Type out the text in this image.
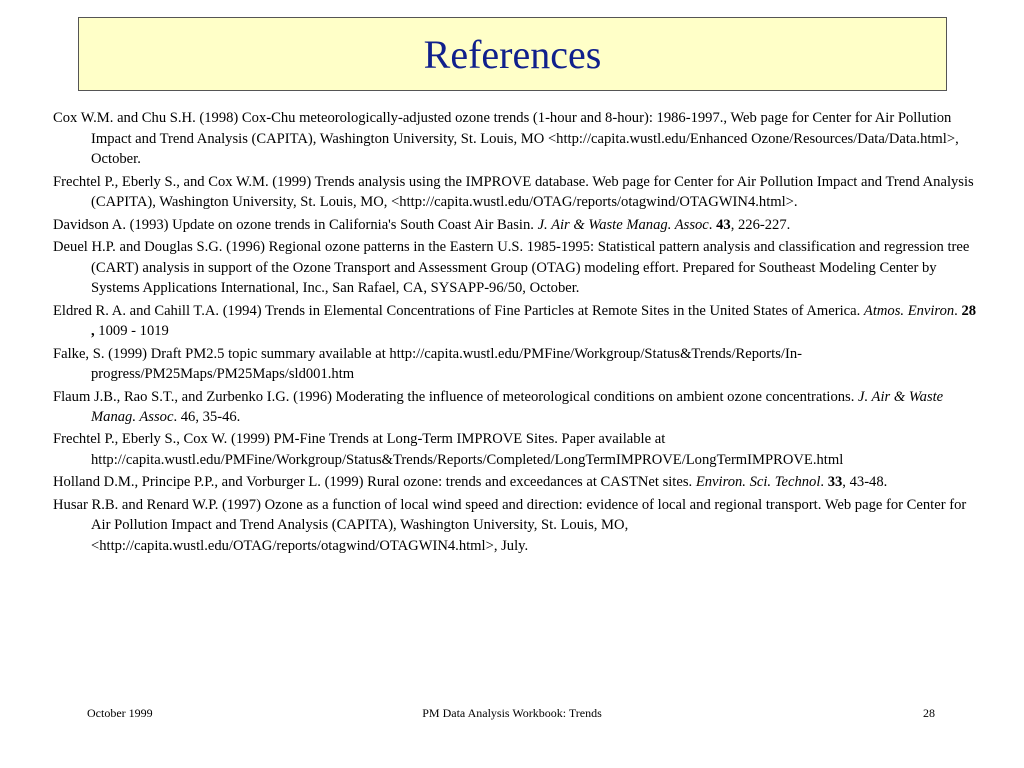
References

Cox W.M. and Chu S.H. (1998) Cox-Chu meteorologically-adjusted ozone trends (1-hour and 8-hour): 1986-1997., Web page for Center for Air Pollution Impact and Trend Analysis (CAPITA), Washington University, St. Louis, MO <http://capita.wustl.edu/Enhanced Ozone/Resources/Data/Data.html>, October.

Frechtel P., Eberly S., and Cox W.M. (1999) Trends analysis using the IMPROVE database. Web page for Center for Air Pollution Impact and Trend Analysis (CAPITA), Washington University, St. Louis, MO, <http://capita.wustl.edu/OTAG/reports/otagwind/OTAGWIN4.html>.

Davidson A. (1993) Update on ozone trends in California's South Coast Air Basin. J. Air & Waste Manag. Assoc. 43, 226-227.

Deuel H.P. and Douglas S.G. (1996) Regional ozone patterns in the Eastern U.S. 1985-1995: Statistical pattern analysis and classification and regression tree (CART) analysis in support of the Ozone Transport and Assessment Group (OTAG) modeling effort. Prepared for Southeast Modeling Center by Systems Applications International, Inc., San Rafael, CA, SYSAPP-96/50, October.

Eldred R. A. and Cahill T.A. (1994) Trends in Elemental Concentrations of Fine Particles at Remote Sites in the United States of America. Atmos. Environ. 28 , 1009 - 1019

Falke, S. (1999) Draft PM2.5 topic summary available at http://capita.wustl.edu/PMFine/Workgroup/Status&Trends/Reports/In-progress/PM25Maps/PM25Maps/sld001.htm

Flaum J.B., Rao S.T., and Zurbenko I.G. (1996) Moderating the influence of meteorological conditions on ambient ozone concentrations. J. Air & Waste Manag. Assoc. 46, 35-46.

Frechtel P., Eberly S., Cox W. (1999) PM-Fine Trends at Long-Term IMPROVE Sites. Paper available at http://capita.wustl.edu/PMFine/Workgroup/Status&Trends/Reports/Completed/LongTermIMPROVE/LongTermIMPROVE.html

Holland D.M., Principe P.P., and Vorburger L. (1999) Rural ozone: trends and exceedances at CASTNet sites. Environ. Sci. Technol. 33, 43-48.

Husar R.B. and Renard W.P. (1997) Ozone as a function of local wind speed and direction: evidence of local and regional transport. Web page for Center for Air Pollution Impact and Trend Analysis (CAPITA), Washington University, St. Louis, MO, <http://capita.wustl.edu/OTAG/reports/otagwind/OTAGWIN4.html>, July.

October 1999	PM Data Analysis Workbook: Trends	28
